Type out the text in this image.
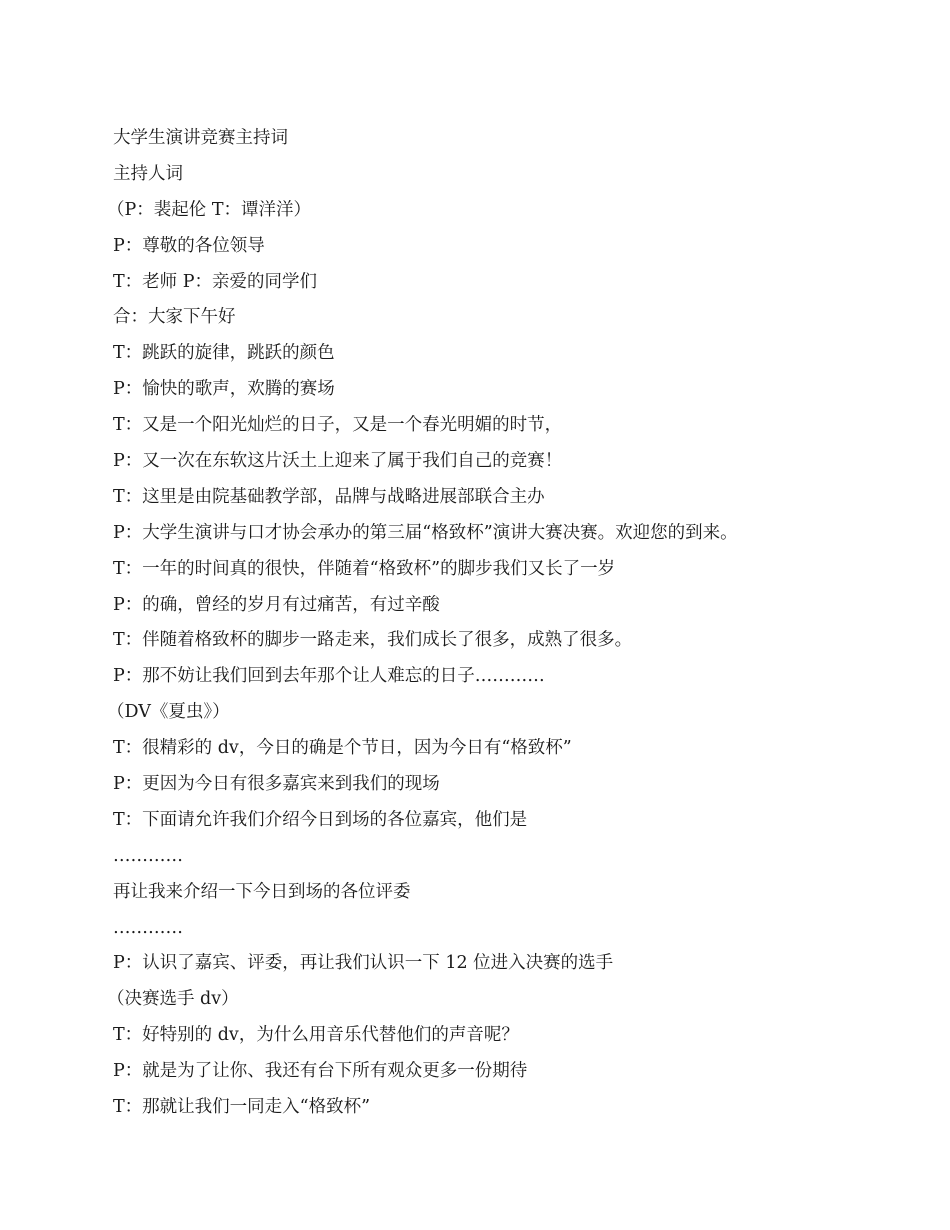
大学生演讲竞赛主持词

主持人词

（P：裴起伦 T：谭洋洋）

P：尊敬的各位领导

T：老师 P：亲爱的同学们

合：大家下午好

T：跳跃的旋律，跳跃的颜色

P：愉快的歌声，欢腾的赛场

T：又是一个阳光灿烂的日子，又是一个春光明媚的时节，

P：又一次在东软这片沃土上迎来了属于我们自己的竞赛！

T：这里是由院基础教学部，品牌与战略进展部联合主办

P：大学生演讲与口才协会承办的第三届“格致杯”演讲大赛决赛。欢迎您的到来。

T：一年的时间真的很快，伴随着“格致杯”的脚步我们又长了一岁

P：的确，曾经的岁月有过痛苦，有过辛酸

T：伴随着格致杯的脚步一路走来，我们成长了很多，成熟了很多。

P：那不妨让我们回到去年那个让人难忘的日子…………

（DV《夏虫》）

T：很精彩的 dv，今日的确是个节日，因为今日有“格致杯”

P：更因为今日有很多嘉宾来到我们的现场

T：下面请允许我们介绍今日到场的各位嘉宾，他们是

…………

再让我来介绍一下今日到场的各位评委

…………

P：认识了嘉宾、评委，再让我们认识一下 12 位进入决赛的选手

（决赛选手 dv）

T：好特别的 dv，为什么用音乐代替他们的声音呢？

P：就是为了让你、我还有台下所有观众更多一份期待

T：那就让我们一同走入“格致杯”
